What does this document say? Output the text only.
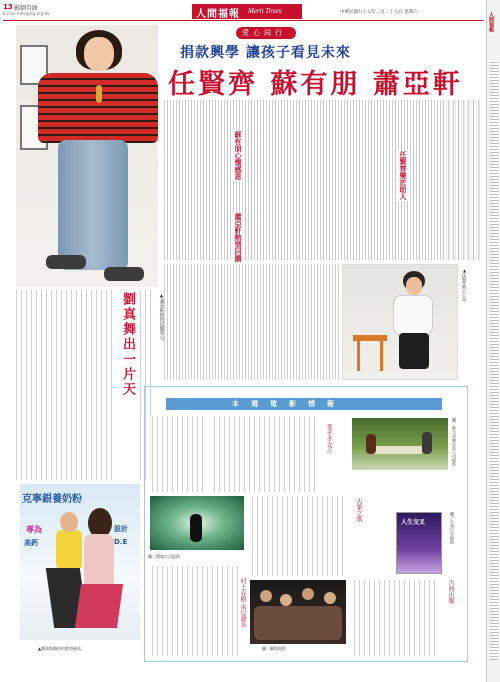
13 影劇百匯
E-mail:mhk@lsg.org.tw	人間福報 Merit Times	中華民國九十五年二月二十五日 星期六	人間福報
愛心同行
捐款興學 讓孩子看見未來
任賢齊 蘇有朋 蕭亞軒
蘇有朋心懷感恩
蕭亞軒熱情回饋
任賢齊樂於助人
▲蕭亞軒熱情回饋愛心。
▲任賢齊熱心公益。
劉真舞出一片天
克寧銀養奶粉
專為	設計
高鈣	D.E
▲劉真與舞伴的默契極佳。
本週電影情報
葉孝孝文吉	圖／新力哥倫比亞公司提供
圖／環球公司提供
大象之歌
人生交叉	圖／天馬行空提供
村上春樹 東尼瀧谷
圖／聯影提供
古典出擊
